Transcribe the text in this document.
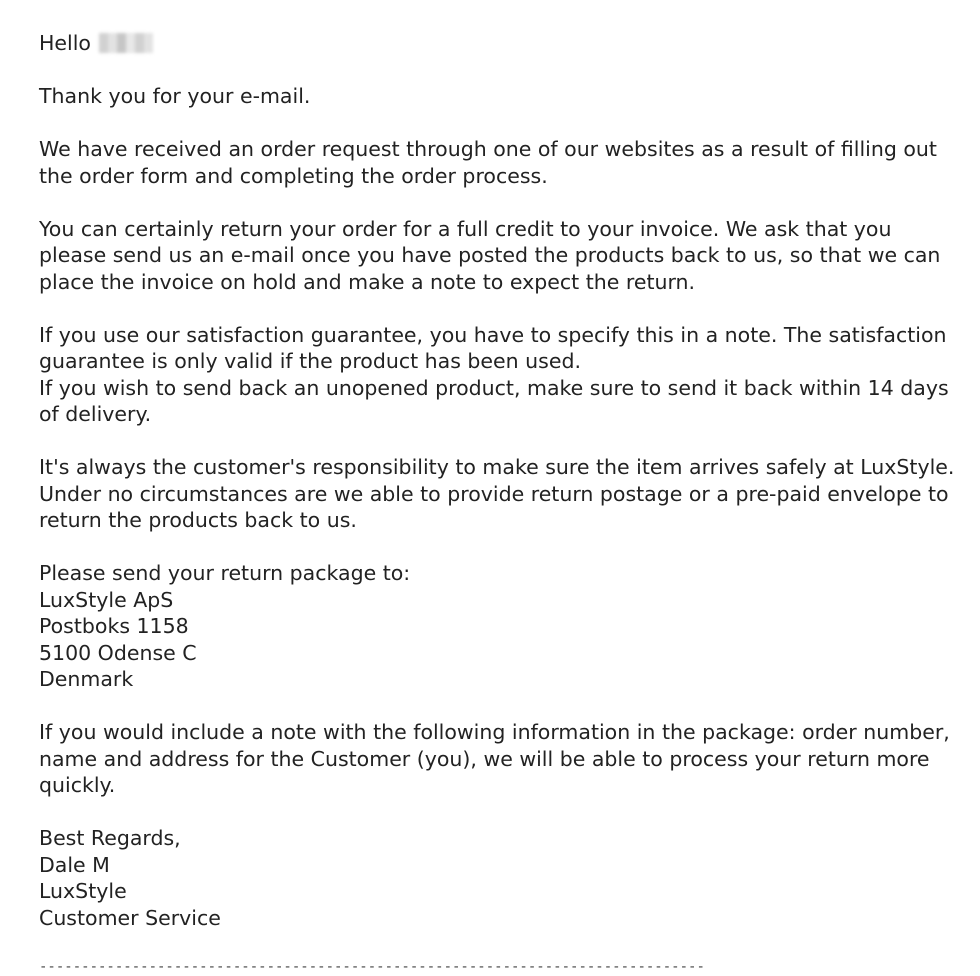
Hello

Thank you for your e-mail.

We have received an order request through one of our websites as a result of filling out the order form and completing the order process.

You can certainly return your order for a full credit to your invoice. We ask that you please send us an e-mail once you have posted the products back to us, so that we can place the invoice on hold and make a note to expect the return.

If you use our satisfaction guarantee, you have to specify this in a note. The satisfaction guarantee is only valid if the product has been used.
If you wish to send back an unopened product, make sure to send it back within 14 days of delivery.

It's always the customer's responsibility to make sure the item arrives safely at LuxStyle. Under no circumstances are we able to provide return postage or a pre-paid envelope to return the products back to us.

Please send your return package to:
LuxStyle ApS
Postboks 1158
5100 Odense C
Denmark

If you would include a note with the following information in the package: order number, name and address for the Customer (you), we will be able to process your return more quickly.

Best Regards,
Dale M
LuxStyle
Customer Service

-------------------------------------------------------------------------------
